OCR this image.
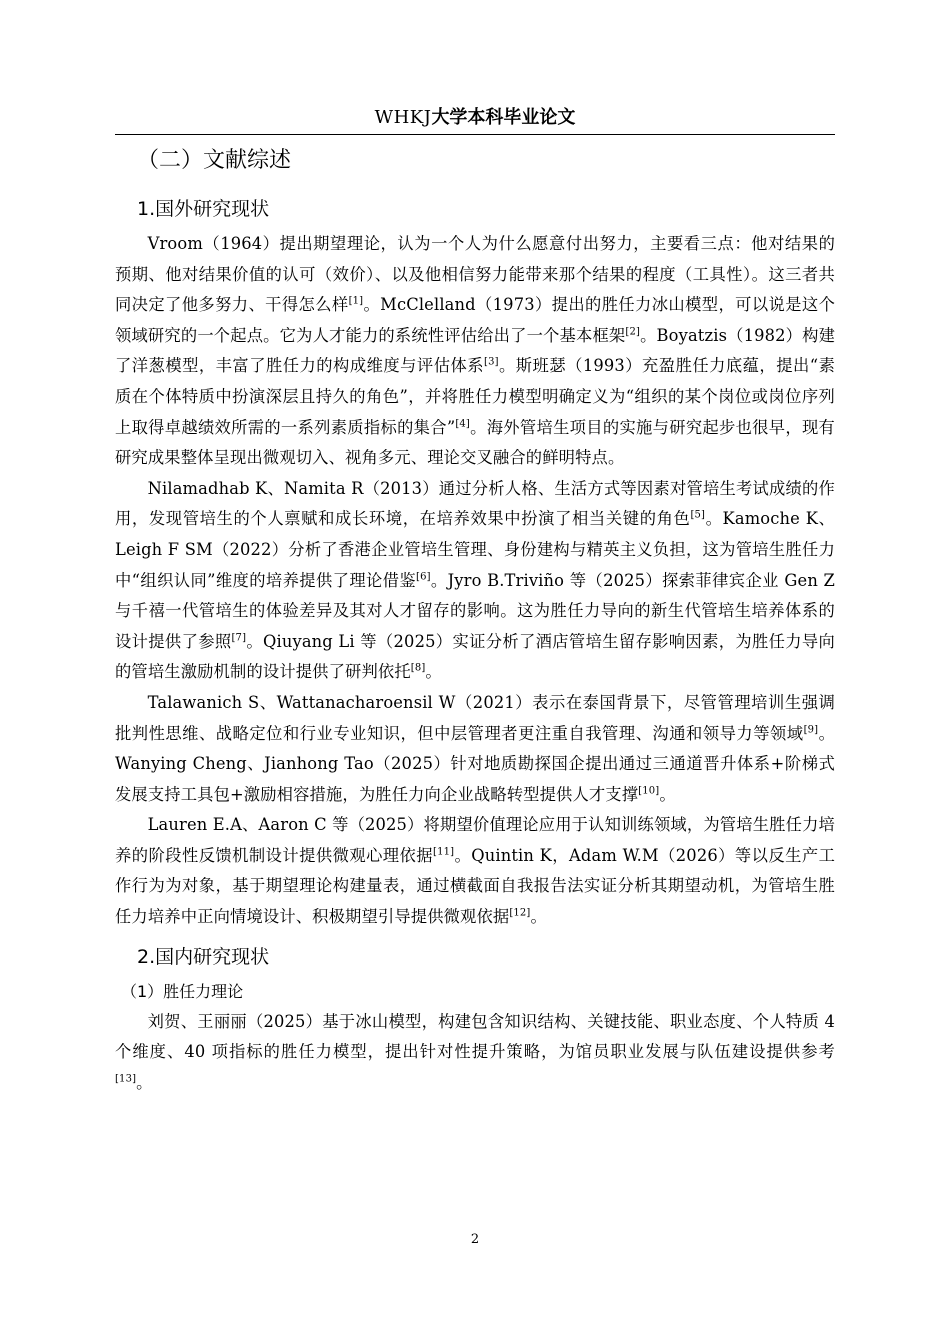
WHKJ大学本科毕业论文
（二）文献综述
1.国外研究现状

Vroom（1964）提出期望理论，认为一个人为什么愿意付出努力，主要看三点：他对结果的预期、他对结果价值的认可（效价）、以及他相信努力能带来那个结果的程度（工具性）。这三者共同决定了他多努力、干得怎么样[1]。McClelland（1973）提出的胜任力冰山模型，可以说是这个领域研究的一个起点。它为人才能力的系统性评估给出了一个基本框架[2]。Boyatzis（1982）构建了洋葱模型，丰富了胜任力的构成维度与评估体系[3]。斯班瑟（1993）充盈胜任力底蕴，提出“素质在个体特质中扮演深层且持久的角色”，并将胜任力模型明确定义为“组织的某个岗位或岗位序列上取得卓越绩效所需的一系列素质指标的集合”[4]。海外管培生项目的实施与研究起步也很早，现有研究成果整体呈现出微观切入、视角多元、理论交叉融合的鲜明特点。

Nilamadhab K、Namita R（2013）通过分析人格、生活方式等因素对管培生考试成绩的作用，发现管培生的个人禀赋和成长环境，在培养效果中扮演了相当关键的角色[5]。Kamoche K、Leigh F SM（2022）分析了香港企业管培生管理、身份建构与精英主义负担，这为管培生胜任力中“组织认同”维度的培养提供了理论借鉴[6]。Jyro B.Triviño 等（2025）探索菲律宾企业 Gen Z 与千禧一代管培生的体验差异及其对人才留存的影响。这为胜任力导向的新生代管培生培养体系的设计提供了参照[7]。Qiuyang Li 等（2025）实证分析了酒店管培生留存影响因素，为胜任力导向的管培生激励机制的设计提供了研判依托[8]。

Talawanich S、Wattanacharoensil W（2021）表示在泰国背景下，尽管管理培训生强调批判性思维、战略定位和行业专业知识，但中层管理者更注重自我管理、沟通和领导力等领域[9]。Wanying Cheng、Jianhong Tao（2025）针对地质勘探国企提出通过三通道晋升体系+阶梯式发展支持工具包+激励相容措施，为胜任力向企业战略转型提供人才支撑[10]。

Lauren E.A、Aaron C 等（2025）将期望价值理论应用于认知训练领域，为管培生胜任力培养的阶段性反馈机制设计提供微观心理依据[11]。Quintin K，Adam W.M（2026）等以反生产工作行为为对象，基于期望理论构建量表，通过横截面自我报告法实证分析其期望动机，为管培生胜任力培养中正向情境设计、积极期望引导提供微观依据[12]。

2.国内研究现状
（1）胜任力理论

刘贺、王丽丽（2025）基于冰山模型，构建包含知识结构、关键技能、职业态度、个人特质 4 个维度、40 项指标的胜任力模型，提出针对性提升策略，为馆员职业发展与队伍建设提供参考[13]。

2
